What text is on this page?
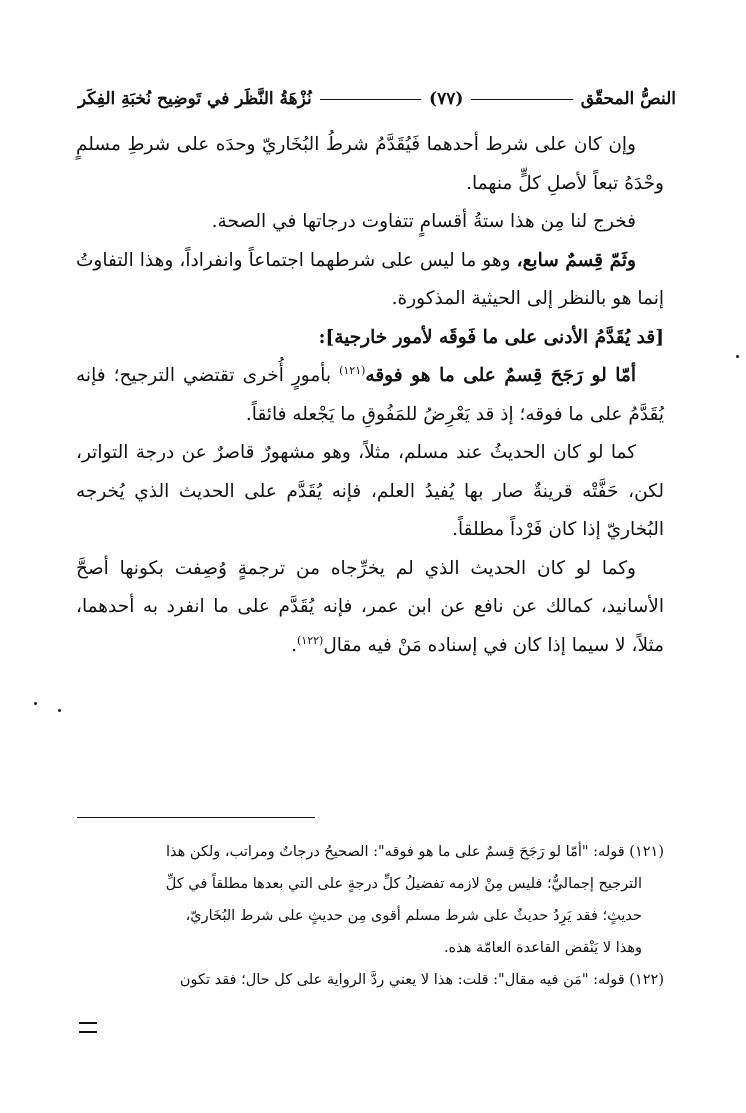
النصُّ المحقّق
(٧٧)
نُزْهَةُ النَّظَر في تَوضِيح نُخبَةِ الفِكَر

وإن كان على شرط أحدهما فَيُقَدَّمُ شرطُ البُخَاريّ وحدَه على شرطِ مسلمٍ وحْدَهُ تبعاً لأصلِ كلٍّ منهما.

فخرج لنا مِن هذا ستةُ أقسامٍ تتفاوت درجاتها في الصحة.

وثَمّ قِسمٌ سابع، وهو ما ليس على شرطهما اجتماعاً وانفراداً، وهذا التفاوتُ إنما هو بالنظر إلى الحيثية المذكورة.

[قد يُقَدَّمُ الأدنى على ما فَوقَه لأمور خارجية]:

أمّا لو رَجَحَ قِسمٌ على ما هو فوقه$^{(١٢١)}$ بأمورٍ أُخرى تقتضي الترجيح؛ فإنه يُقَدَّمُ على ما فوقه؛ إذ قد يَعْرِضُ للمَفُوقِ ما يَجْعله فائقاً.

كما لو كان الحديثُ عند مسلم، مثلاً، وهو مشهورٌ قاصرٌ عن درجة التواتر، لكن، حَفَّتْه قرينةٌ صار بها يُفيدُ العلم، فإنه يُقَدَّم على الحديث الذي يُخرجه البُخاريّ إذا كان فَرْداً مطلقاً.

وكما لو كان الحديث الذي لم يخرِّجاه من ترجمةٍ وُصِفت بكونها أصحَّ الأسانيد، كمالك عن نافع عن ابن عمر، فإنه يُقَدَّم على ما انفرد به أحدهما، مثلاً، لا سيما إذا كان في إسناده مَنْ فيه مقال$^{(١٢٢)}$.

(١٢١) قوله: "أمّا لو رَجَحَ قِسمٌ على ما هو فوقه": الصحيحُ درجاتٌ ومراتب، ولكن هذا

الترجيح إجماليٌّ؛ فليس مِنْ لازمه تفضيلُ كلِّ درجةٍ على التي بعدها مطلقاً في كلِّ

حديثٍ؛ فقد يَرِدُ حديثٌ على شرط مسلم أقوى مِن حديثٍ على شرط البُخَاريّ،

وهذا لا يَنْقض القاعدة العامّة هذه.

(١٢٢) قوله: "مَن فيه مقال": قلت: هذا لا يعني ردَّ الرواية على كل حال؛ فقد تكون
